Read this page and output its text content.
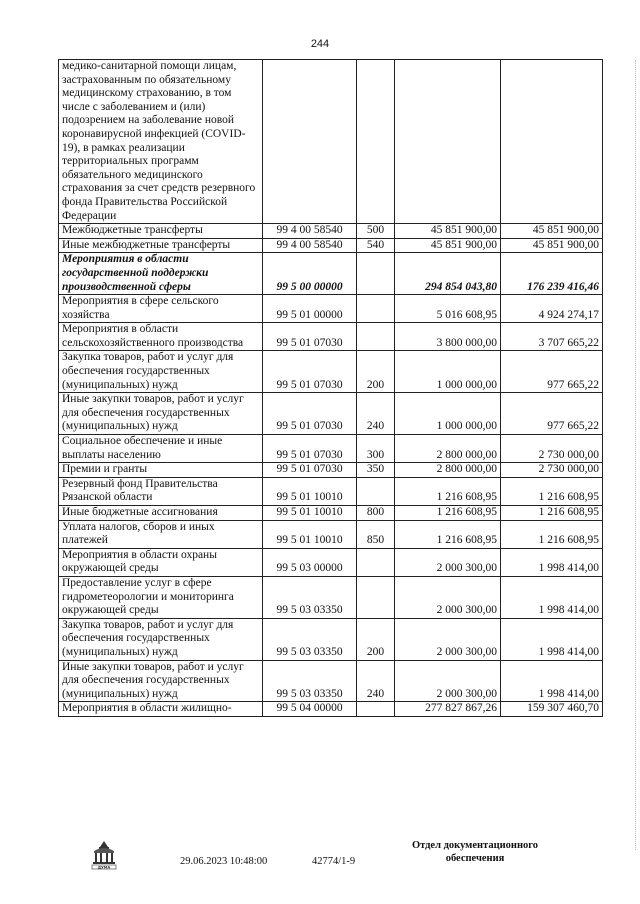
244
медико-санитарной помощи лицам, застрахованным по обязательному медицинскому страхованию, в том числе с заболеванием и (или) подозрением на заболевание новой коронавирусной инфекцией (COVID-19), в рамках реализации территориальных программ обязательного медицинского страхования за счет средств резервного фонда Правительства Российской Федерации				
Межбюджетные трансферты	99 4 00 58540	500	45 851 900,00	45 851 900,00
Иные межбюджетные трансферты	99 4 00 58540	540	45 851 900,00	45 851 900,00
Мероприятия в области государственной поддержки производственной сферы	99 5 00 00000		294 854 043,80	176 239 416,46
Мероприятия в сфере сельского хозяйства	99 5 01 00000		5 016 608,95	4 924 274,17
Мероприятия в области сельскохозяйственного производства	99 5 01 07030		3 800 000,00	3 707 665,22
Закупка товаров, работ и услуг для обеспечения государственных (муниципальных) нужд	99 5 01 07030	200	1 000 000,00	977 665,22
Иные закупки товаров, работ и услуг для обеспечения государственных (муниципальных) нужд	99 5 01 07030	240	1 000 000,00	977 665,22
Социальное обеспечение и иные выплаты населению	99 5 01 07030	300	2 800 000,00	2 730 000,00
Премии и гранты	99 5 01 07030	350	2 800 000,00	2 730 000,00
Резервный фонд Правительства Рязанской области	99 5 01 10010		1 216 608,95	1 216 608,95
Иные бюджетные ассигнования	99 5 01 10010	800	1 216 608,95	1 216 608,95
Уплата налогов, сборов и иных платежей	99 5 01 10010	850	1 216 608,95	1 216 608,95
Мероприятия в области охраны окружающей среды	99 5 03 00000		2 000 300,00	1 998 414,00
Предоставление услуг в сфере гидрометеорологии и мониторинга окружающей среды	99 5 03 03350		2 000 300,00	1 998 414,00
Закупка товаров, работ и услуг для обеспечения государственных (муниципальных) нужд	99 5 03 03350	200	2 000 300,00	1 998 414,00
Иные закупки товаров, работ и услуг для обеспечения государственных (муниципальных) нужд	99 5 03 03350	240	2 000 300,00	1 998 414,00
Мероприятия в области жилищно-	99 5 04 00000		277 827 867,26	159 307 460,70
ДУМА
29.06.2023 10:48:00	42774/1-9
Отдел документационного
обеспечения
